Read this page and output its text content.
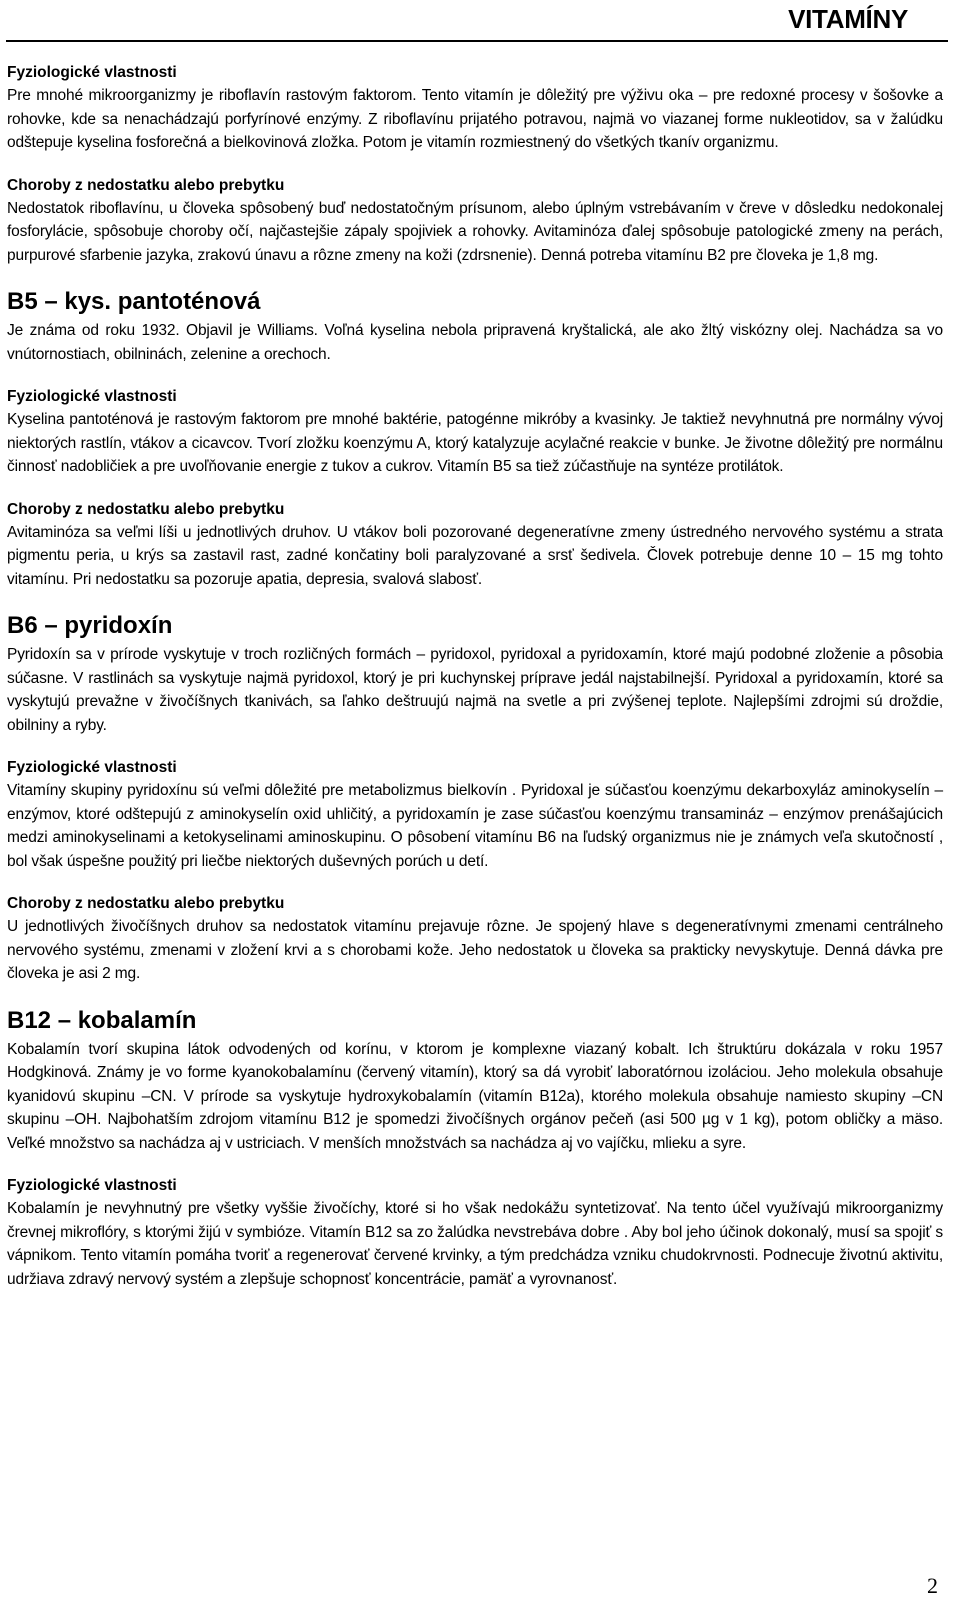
VITAMÍNY

Fyziologické vlastnosti

Pre mnohé mikroorganizmy je riboflavín rastovým faktorom. Tento vitamín je dôležitý pre výživu oka – pre redoxné procesy v šošovke a rohovke, kde sa nenachádzajú porfyrínové enzýmy. Z riboflavínu prijatého potravou, najmä vo viazanej forme nukleotidov, sa v žalúdku odštepuje kyselina fosforečná a bielkovinová zložka. Potom je vitamín rozmiestnený do všetkých tkanív organizmu.

Choroby z nedostatku alebo prebytku

Nedostatok riboflavínu, u človeka spôsobený buď nedostatočným prísunom, alebo úplným vstrebávaním v čreve v dôsledku nedokonalej fosforylácie, spôsobuje choroby očí, najčastejšie zápaly spojiviek a rohovky. Avitaminóza ďalej spôsobuje patologické zmeny na perách, purpurové sfarbenie jazyka, zrakovú únavu a rôzne zmeny na koži (zdrsnenie). Denná potreba vitamínu B2 pre človeka je 1,8 mg.

B5 – kys. pantoténová

Je známa od roku 1932. Objavil je Williams. Voľná kyselina nebola pripravená kryštalická, ale ako žltý viskózny olej. Nachádza sa vo vnútornostiach, obilninách, zelenine a orechoch.

Fyziologické vlastnosti

Kyselina pantoténová je rastovým faktorom pre mnohé baktérie, patogénne mikróby a kvasinky. Je taktiež nevyhnutná pre normálny vývoj niektorých rastlín, vtákov a cicavcov. Tvorí zložku koenzýmu A, ktorý katalyzuje acylačné reakcie v bunke. Je životne dôležitý pre normálnu činnosť nadobličiek a pre uvoľňovanie energie z tukov a cukrov. Vitamín B5 sa tiež zúčastňuje na syntéze protilátok.

Choroby z nedostatku alebo prebytku

Avitaminóza sa veľmi líši u jednotlivých druhov. U vtákov boli pozorované degeneratívne zmeny ústredného nervového systému a strata pigmentu peria, u krýs sa zastavil rast, zadné končatiny boli paralyzované a srsť šedivela. Človek potrebuje denne 10 – 15 mg tohto vitamínu. Pri nedostatku sa pozoruje apatia, depresia, svalová slabosť.

B6 – pyridoxín

Pyridoxín sa v prírode vyskytuje v troch rozličných formách – pyridoxol, pyridoxal a pyridoxamín, ktoré majú podobné zloženie a pôsobia súčasne. V rastlinách sa vyskytuje najmä pyridoxol, ktorý je pri kuchynskej príprave jedál najstabilnejší. Pyridoxal a pyridoxamín, ktoré sa vyskytujú prevažne v živočíšnych tkanivách, sa ľahko deštruujú najmä na svetle a pri zvýšenej teplote. Najlepšími zdrojmi sú droždie, obilniny a ryby.

Fyziologické vlastnosti

Vitamíny skupiny pyridoxínu sú veľmi dôležité pre metabolizmus bielkovín . Pyridoxal je súčasťou koenzýmu dekarboxyláz aminokyselín – enzýmov, ktoré odštepujú z aminokyselín oxid uhličitý, a pyridoxamín je zase súčasťou koenzýmu transamináz – enzýmov prenášajúcich medzi aminokyselinami a ketokyselinami aminoskupinu. O pôsobení vitamínu B6 na ľudský organizmus nie je známych veľa skutočností , bol však úspešne použitý pri liečbe niektorých duševných porúch u detí.

Choroby z nedostatku alebo prebytku

U jednotlivých živočíšnych druhov sa nedostatok vitamínu prejavuje rôzne. Je spojený hlave s degeneratívnymi zmenami centrálneho nervového systému, zmenami v zložení krvi a s chorobami kože. Jeho nedostatok u človeka sa prakticky nevyskytuje. Denná dávka pre človeka je asi 2 mg.

B12 – kobalamín

Kobalamín tvorí skupina látok odvodených od korínu, v ktorom je komplexne viazaný kobalt. Ich štruktúru dokázala v roku 1957 Hodgkinová. Známy je vo forme kyanokobalamínu (červený vitamín), ktorý sa dá vyrobiť laboratórnou izoláciou. Jeho molekula obsahuje kyanidovú skupinu –CN. V prírode sa vyskytuje hydroxykobalamín (vitamín B12a), ktorého molekula obsahuje namiesto skupiny –CN skupinu –OH. Najbohatším zdrojom vitamínu B12 je spomedzi živočíšnych orgánov pečeň (asi 500 µg v 1 kg), potom obličky a mäso. Veľké množstvo sa nachádza aj v ustriciach. V menších množstvách sa nachádza aj vo vajíčku, mlieku a syre.

Fyziologické vlastnosti

Kobalamín je nevyhnutný pre všetky vyššie živočíchy, ktoré si ho však nedokážu syntetizovať. Na tento účel využívajú mikroorganizmy črevnej mikroflóry, s ktorými žijú v symbióze. Vitamín B12 sa zo žalúdka nevstrebáva dobre . Aby bol jeho účinok dokonalý, musí sa spojiť s vápnikom. Tento vitamín pomáha tvoriť a regenerovať červené krvinky, a tým predchádza vzniku chudokrvnosti. Podnecuje životnú aktivitu, udržiava zdravý nervový systém a zlepšuje schopnosť koncentrácie, pamäť a vyrovnanosť.

2
